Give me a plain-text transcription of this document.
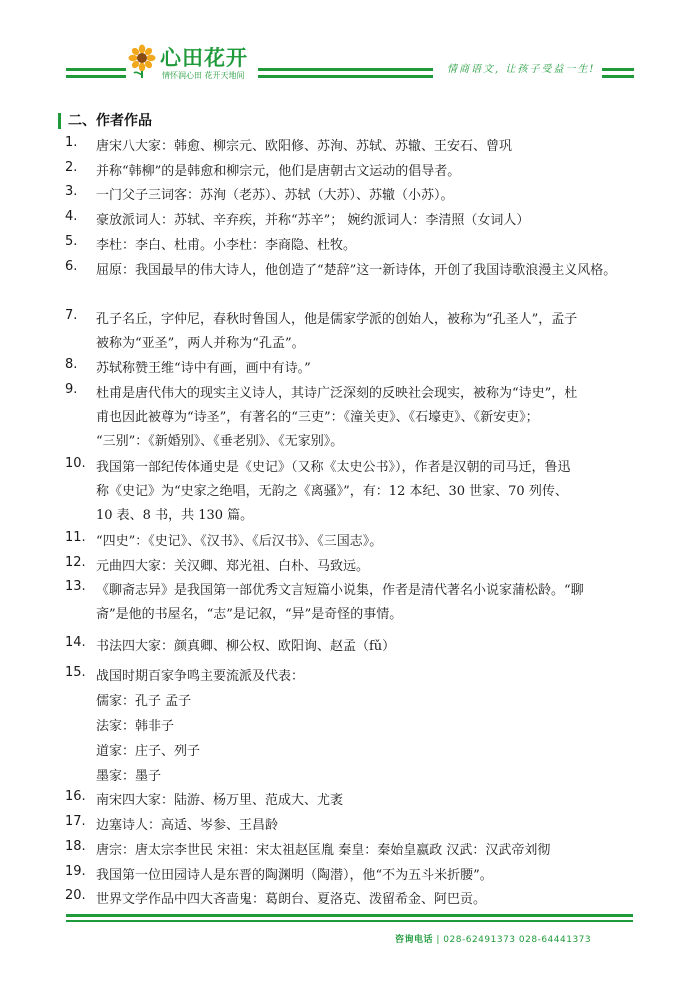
心田花开
情怀润心田 花开天地间
情商语文, 让孩子受益一生!
二、作者作品
1.	唐宋八大家：韩愈、柳宗元、欧阳修、苏洵、苏轼、苏辙、王安石、曾巩
2.	并称“韩柳”的是韩愈和柳宗元，他们是唐朝古文运动的倡导者。
3.	一门父子三词客：苏洵（老苏）、苏轼（大苏）、苏辙（小苏）。
4.	豪放派词人：苏轼、辛弃疾，并称“苏辛”； 婉约派词人：李清照（女词人）
5.	李杜：李白、杜甫。小李杜：李商隐、杜牧。
6.	屈原：我国最早的伟大诗人，他创造了“楚辞”这一新诗体，开创了我国诗歌浪漫主义风格。
7.	孔子名丘，字仲尼，春秋时鲁国人，他是儒家学派的创始人，被称为“孔圣人”，孟子
被称为“亚圣”，两人并称为“孔孟”。
8.	苏轼称赞王维“诗中有画，画中有诗。”
9.	杜甫是唐代伟大的现实主义诗人，其诗广泛深刻的反映社会现实，被称为“诗史”，杜
甫也因此被尊为“诗圣”，有著名的“三吏”：《潼关吏》、《石壕吏》、《新安吏》；
“三别”：《新婚别》、《垂老别》、《无家别》。
10. 我国第一部纪传体通史是《史记》（又称《太史公书》），作者是汉朝的司马迁，鲁迅
称《史记》为“史家之绝唱，无韵之《离骚》”，有：12 本纪、30 世家、70 列传、
10 表、8 书，共 130 篇。
11. “四史”：《史记》、《汉书》、《后汉书》、《三国志》。
12. 元曲四大家：关汉卿、郑光祖、白朴、马致远。
13. 《聊斋志异》是我国第一部优秀文言短篇小说集，作者是清代著名小说家蒲松龄。“聊
斋”是他的书屋名，“志”是记叙，“异”是奇怪的事情。
14. 书法四大家：颜真卿、柳公权、欧阳询、赵孟（fǔ）
15. 战国时期百家争鸣主要流派及代表：
儒家：孔子 孟子
法家：韩非子
道家：庄子、列子
墨家：墨子
16. 南宋四大家：陆游、杨万里、范成大、尤袤
17. 边塞诗人：高适、岑参、王昌龄
18. 唐宗：唐太宗李世民 宋祖：宋太祖赵匡胤 秦皇：秦始皇嬴政 汉武：汉武帝刘彻
19. 我国第一位田园诗人是东晋的陶渊明（陶潜），他“不为五斗米折腰”。
20. 世界文学作品中四大吝啬鬼：葛朗台、夏洛克、泼留希金、阿巴贡。
咨询电话 | 028-62491373 028-64441373
